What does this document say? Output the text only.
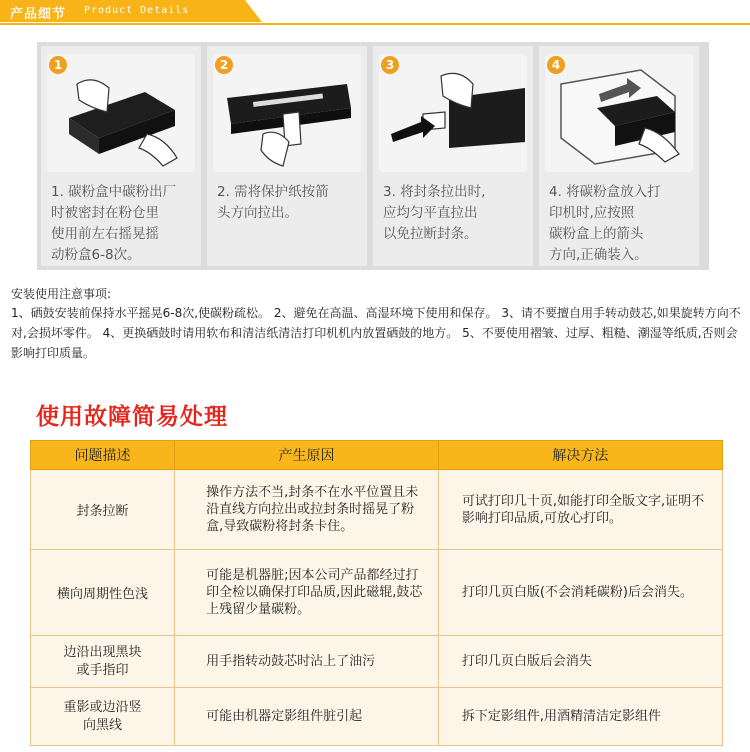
产品细节 Product Details
1
1. 碳粉盒中碳粉出厂
时被密封在粉仓里
使用前左右摇晃摇
动粉盒6-8次。
2
2. 需将保护纸按箭
头方向拉出。
3
3. 将封条拉出时,
应均匀平直拉出
以免拉断封条。
4
4. 将碳粉盒放入打
印机时,应按照
碳粉盒上的箭头
方向,正确装入。
安装使用注意事项:
1、硒鼓安装前保持水平摇晃6-8次,使碳粉疏松。 2、避免在高温、高湿环境下使用和保存。 3、请不要擅自用手转动鼓芯,如果旋转方向不对,会损坏零件。 4、更换硒鼓时请用软布和清洁纸清洁打印机机内放置硒鼓的地方。 5、不要使用褶皱、过厚、粗糙、潮湿等纸质,否则会影响打印质量。
使用故障简易处理
问题描述	产生原因	解决方法
封条拉断	操作方法不当,封条不在水平位置且未沿直线方向拉出或拉封条时摇晃了粉盒,导致碳粉将封条卡住。	可试打印几十页,如能打印全版文字,证明不影响打印品质,可放心打印。

横向周期性色浅	可能是机器脏;因本公司产品都经过打印全检以确保打印品质,因此磁辊,鼓芯上残留少量碳粉。	打印几页白版(不会消耗碳粉)后会消失。

边沿出现黑块或手指印	用手指转动鼓芯时沾上了油污	打印几页白版后会消失

重影或边沿竖向黑线	可能由机器定影组件脏引起	拆下定影组件,用酒精清洁定影组件
